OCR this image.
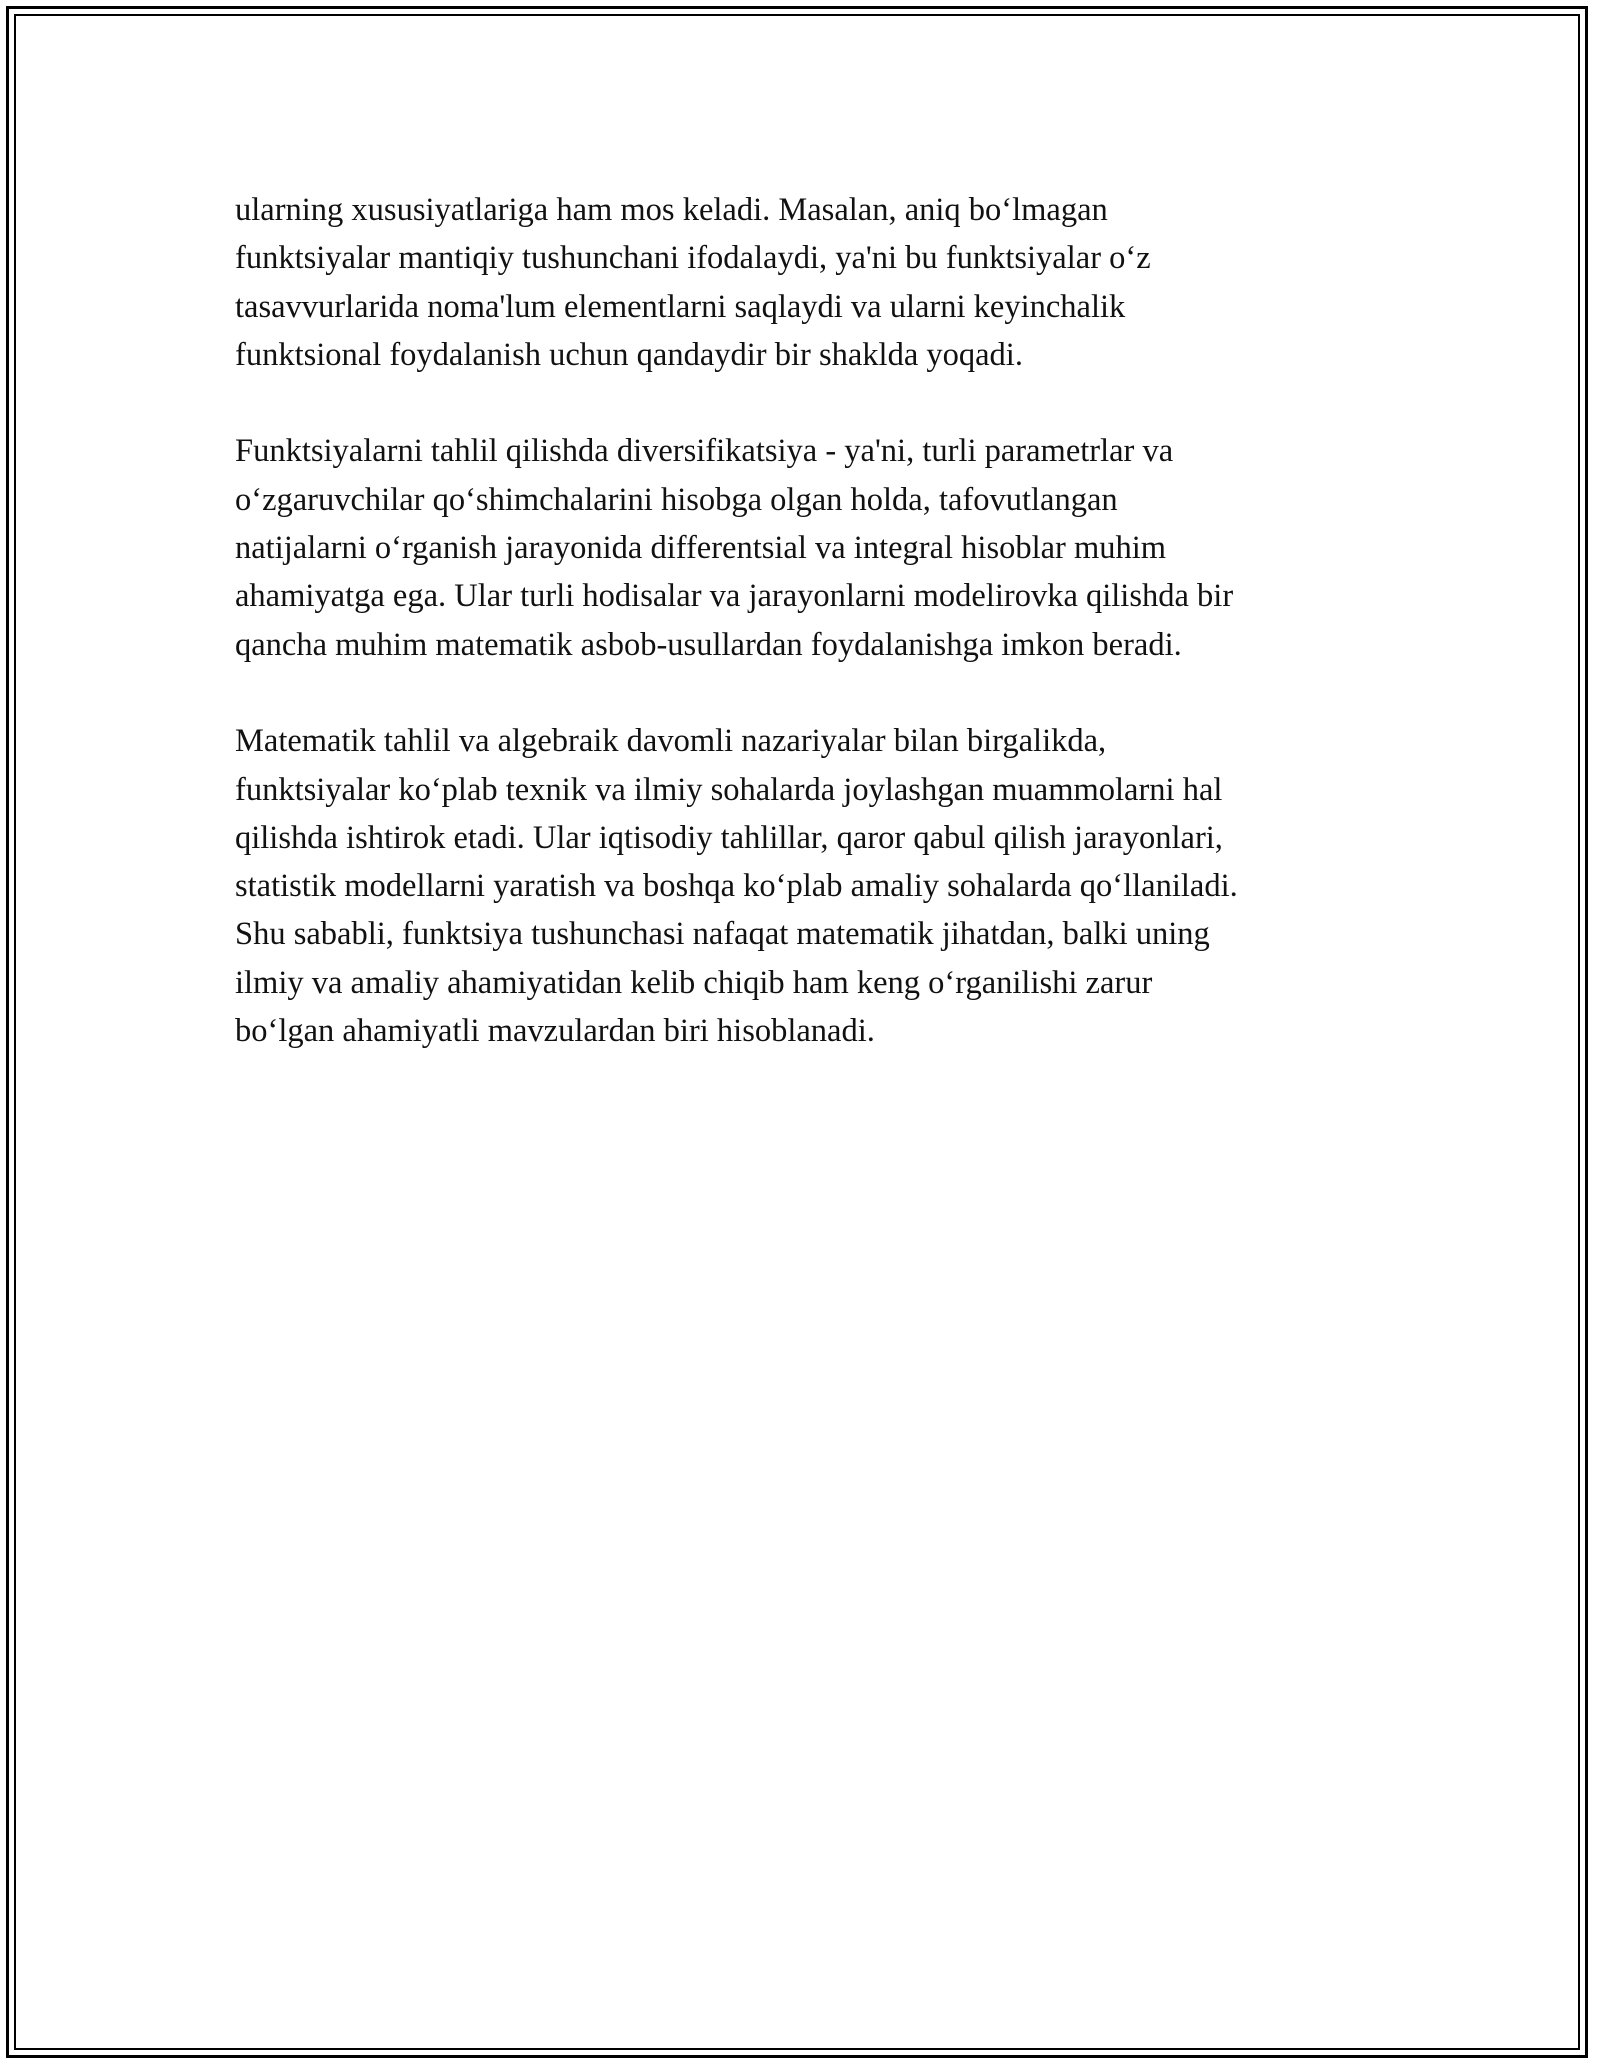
ularning xususiyatlariga ham mos keladi. Masalan, aniq bo‘lmagan
funktsiyalar mantiqiy tushunchani ifodalaydi, ya'ni bu funktsiyalar o‘z
tasavvurlarida noma'lum elementlarni saqlaydi va ularni keyinchalik
funktsional foydalanish uchun qandaydir bir shaklda yoqadi.

Funktsiyalarni tahlil qilishda diversifikatsiya - ya'ni, turli parametrlar va
o‘zgaruvchilar qo‘shimchalarini hisobga olgan holda, tafovutlangan
natijalarni o‘rganish jarayonida differentsial va integral hisoblar muhim
ahamiyatga ega. Ular turli hodisalar va jarayonlarni modelirovka qilishda bir
qancha muhim matematik asbob-usullardan foydalanishga imkon beradi.

Matematik tahlil va algebraik davomli nazariyalar bilan birgalikda,
funktsiyalar ko‘plab texnik va ilmiy sohalarda joylashgan muammolarni hal
qilishda ishtirok etadi. Ular iqtisodiy tahlillar, qaror qabul qilish jarayonlari,
statistik modellarni yaratish va boshqa ko‘plab amaliy sohalarda qo‘llaniladi.
Shu sababli, funktsiya tushunchasi nafaqat matematik jihatdan, balki uning
ilmiy va amaliy ahamiyatidan kelib chiqib ham keng o‘rganilishi zarur
bo‘lgan ahamiyatli mavzulardan biri hisoblanadi.
